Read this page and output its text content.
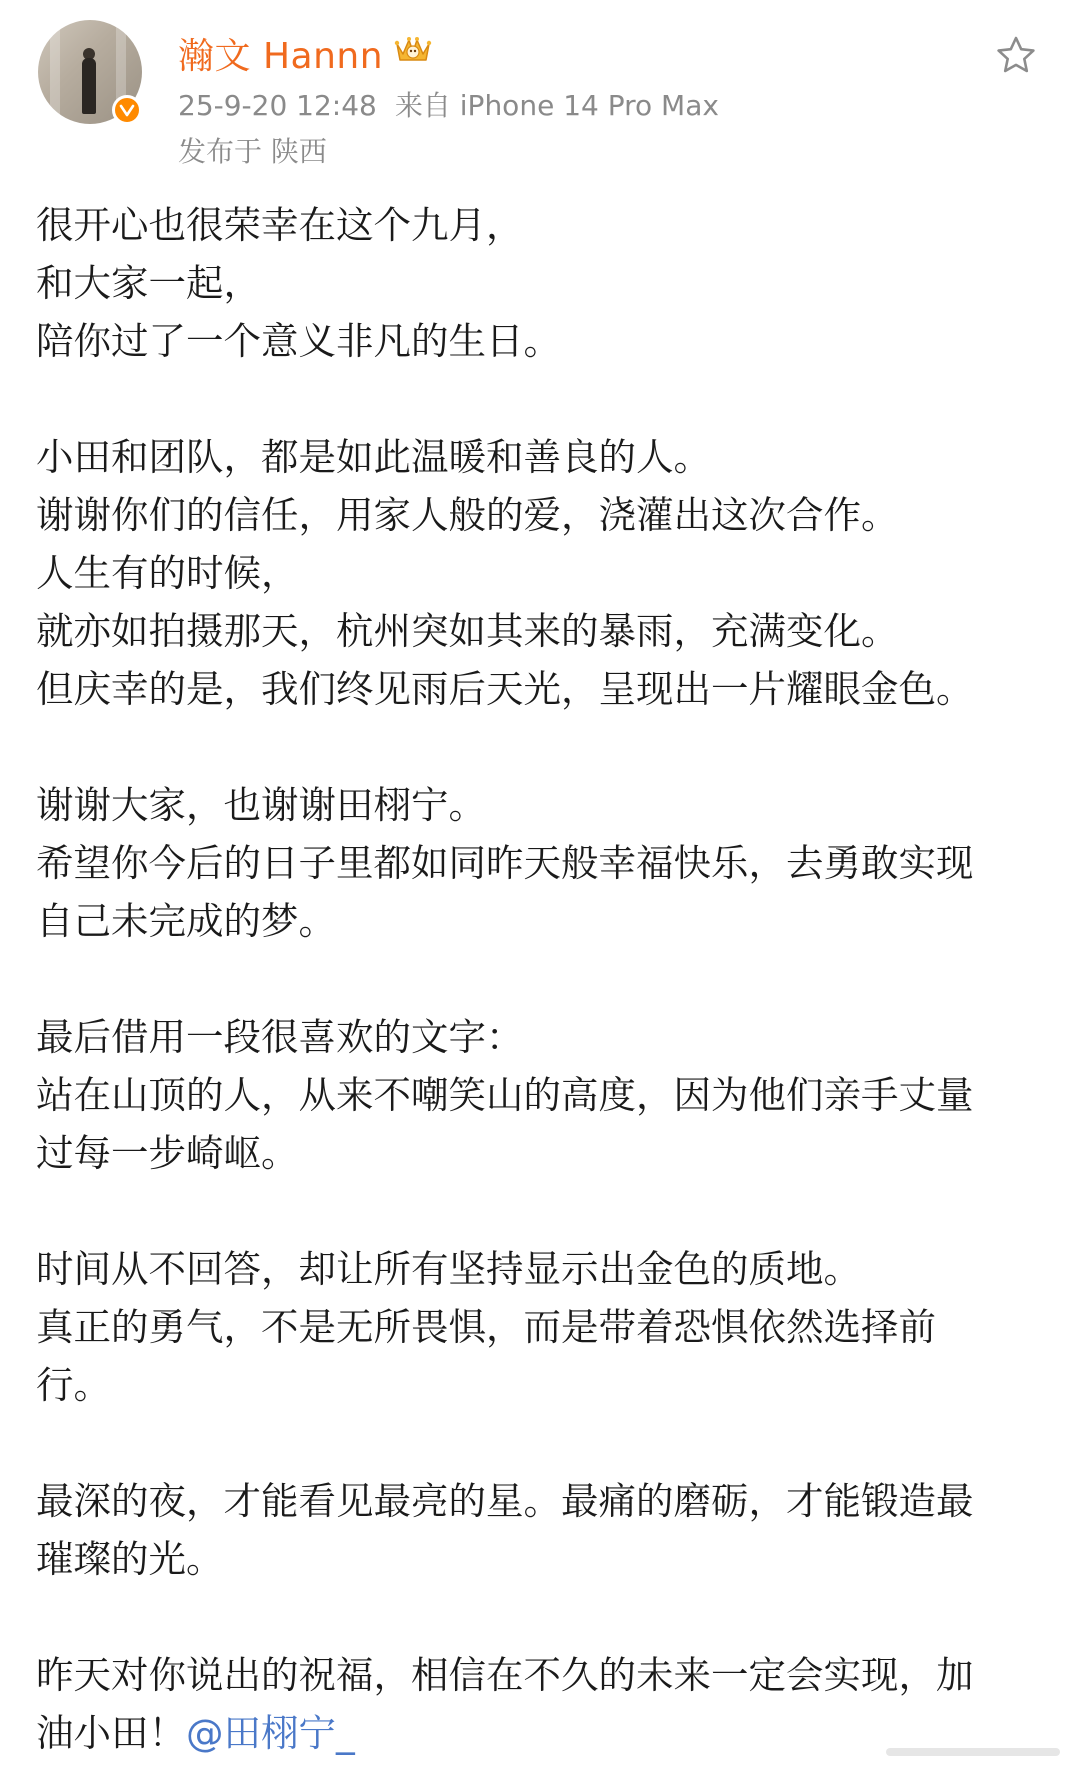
瀚文 Hannn
25-9-20 12:48 来自 iPhone 14 Pro Max
发布于 陕西
很开心也很荣幸在这个九月，
和大家一起，
陪你过了一个意义非凡的生日。
小田和团队，都是如此温暖和善良的人。
谢谢你们的信任，用家人般的爱，浇灌出这次合作。
人生有的时候，
就亦如拍摄那天，杭州突如其来的暴雨，充满变化。
但庆幸的是，我们终见雨后天光，呈现出一片耀眼金色。
谢谢大家，也谢谢田栩宁。
希望你今后的日子里都如同昨天般幸福快乐，去勇敢实现
自己未完成的梦。
最后借用一段很喜欢的文字：
站在山顶的人，从来不嘲笑山的高度，因为他们亲手丈量
过每一步崎岖。
时间从不回答，却让所有坚持显示出金色的质地。
真正的勇气，不是无所畏惧，而是带着恐惧依然选择前
行。
最深的夜，才能看见最亮的星。最痛的磨砺，才能锻造最
璀璨的光。
昨天对你说出的祝福，相信在不久的未来一定会实现，加
油小田！@田栩宁_
